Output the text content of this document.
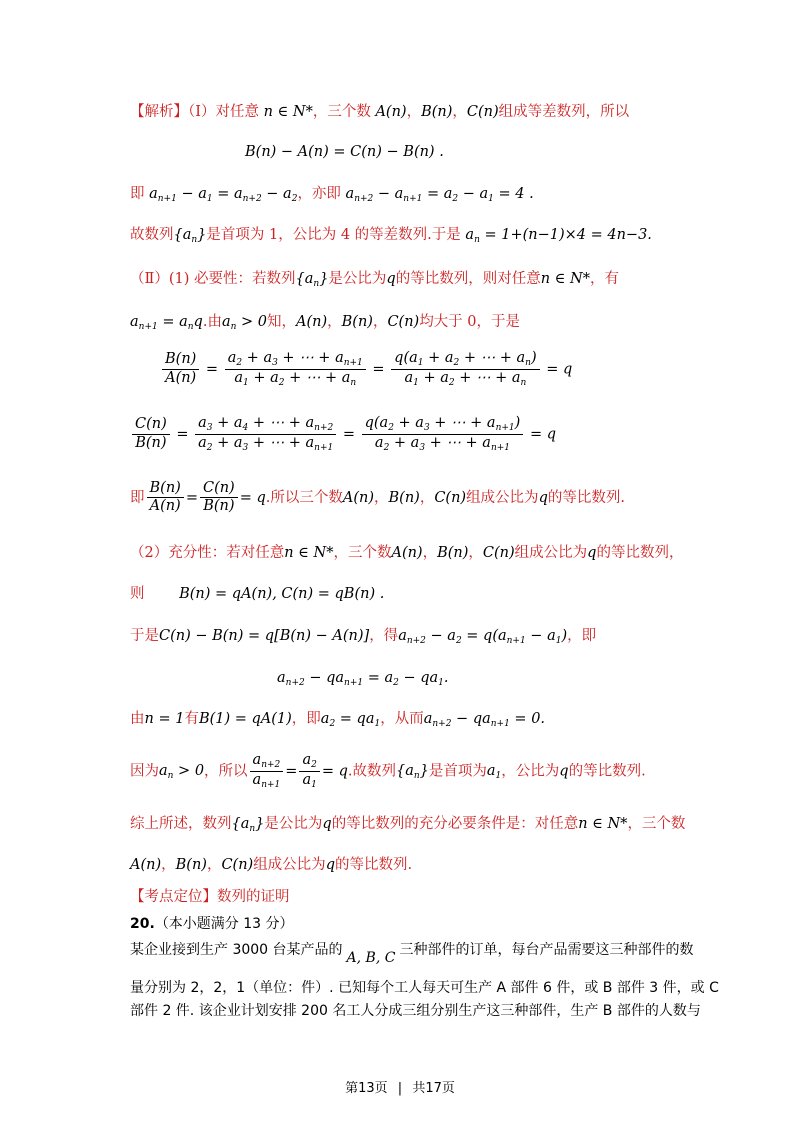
【解析】（Ⅰ）对任意 n ∈ N*，三个数 A(n)，B(n)，C(n)组成等差数列，所以
B(n) − A(n) = C(n) − B(n) .
即 $a_{n+1} - a_1 = a_{n+2} - a_2$，亦即 $a_{n+2} - a_{n+1} = a_2 - a_1 = 4$ .
故数列$\{a_n\}$是首项为 1，公比为 4 的等差数列.于是 $a_n = 1+(n-1)\times 4 = 4n-3$.
（Ⅱ）(1) 必要性：若数列$\{a_n\}$是公比为q的等比数列，则对任意n ∈ N*，有
$a_{n+1} = a_nq$.由$a_n > 0$知，A(n)，B(n)，C(n)均大于 0，于是
$\frac{B(n)}{A(n)} = \frac{a_2 + a_3 + \cdots + a_{n+1}}{a_1 + a_2 + \cdots + a_n} = \frac{q(a_1 + a_2 + \cdots + a_n)}{a_1 + a_2 + \cdots + a_n} = q$
$\frac{C(n)}{B(n)} = \frac{a_3 + a_4 + \cdots + a_{n+2}}{a_2 + a_3 + \cdots + a_{n+1}} = \frac{q(a_2 + a_3 + \cdots + a_{n+1})}{a_2 + a_3 + \cdots + a_{n+1}} = q$
即 $\frac{B(n)}{A(n)} = \frac{C(n)}{B(n)} = q$.所以三个数A(n)，B(n)，C(n)组成公比为q的等比数列.
（2）充分性：若对任意n ∈ N*，三个数A(n)，B(n)，C(n)组成公比为q的等比数列，
则 B(n) = qA(n), C(n) = qB(n) .
于是C(n) − B(n) = q[B(n) − A(n)]，得$a_{n+2} - a_2 = q(a_{n+1} - a_1)$，即
$a_{n+2} - qa_{n+1} = a_2 - qa_1$.
由n = 1有B(1) = qA(1)，即$a_2 = qa_1$，从而$a_{n+2} - qa_{n+1} = 0$.
因为$a_n > 0$，所以 $\frac{a_{n+2}}{a_{n+1}} = \frac{a_2}{a_1} = q$.故数列$\{a_n\}$是首项为$a_1$，公比为q的等比数列.
综上所述，数列$\{a_n\}$是公比为q的等比数列的充分必要条件是：对任意n ∈ N*，三个数
A(n)，B(n)，C(n)组成公比为q的等比数列.
【考点定位】数列的证明
20.（本小题满分 13 分）
某企业接到生产 3000 台某产品的 A, B, C 三种部件的订单，每台产品需要这三种部件的数
量分别为 2，2，1（单位：件）. 已知每个工人每天可生产 A 部件 6 件，或 B 部件 3 件，或 C
部件 2 件. 该企业计划安排 200 名工人分成三组分别生产这三种部件，生产 B 部件的人数与
第13页 | 共17页
